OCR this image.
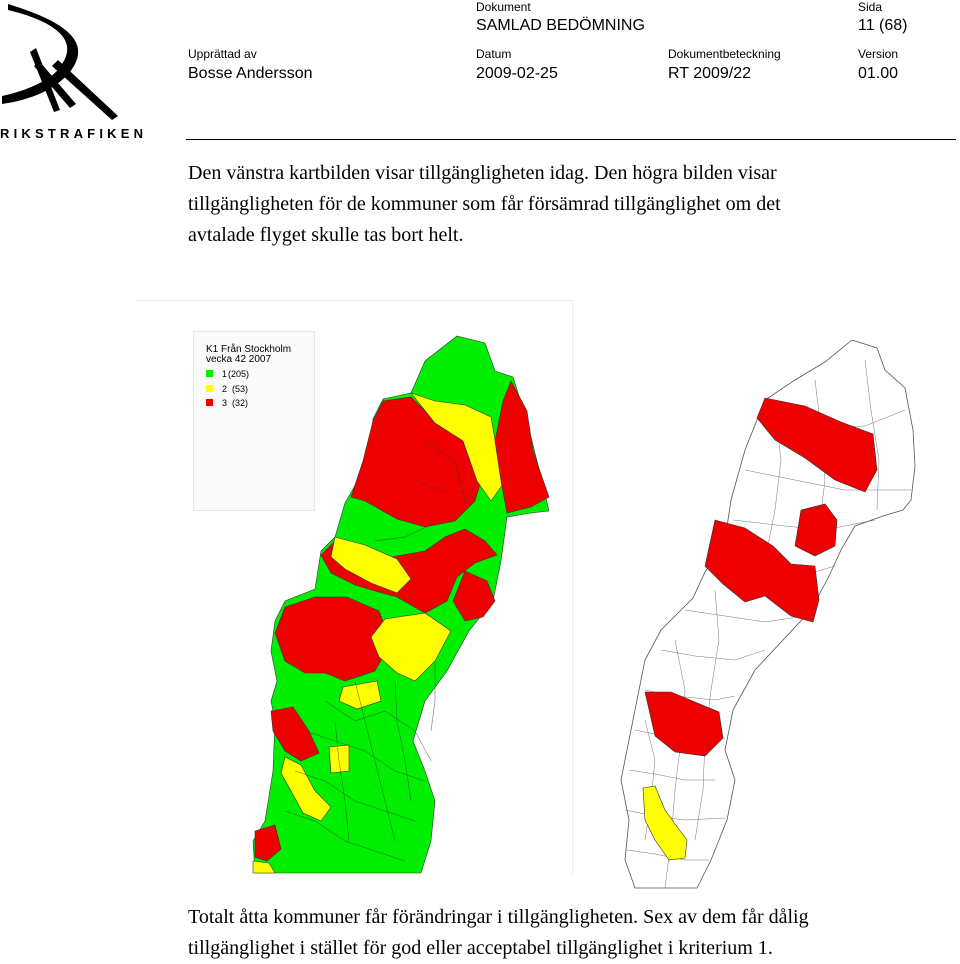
RIKSTRAFIKEN
Dokument
SAMLAD BEDÖMNING
Sida
11 (68)
Upprättad av
Bosse Andersson
Datum
2009-02-25
Dokumentbeteckning
RT 2009/22
Version
01.00
Den vänstra kartbilden visar tillgängligheten idag. Den högra bilden visar
tillgängligheten för de kommuner som får försämrad tillgänglighet om det
avtalade flyget skulle tas bort helt.
K1 Från Stockholm
vecka 42 2007
1 (205)
2 (53)
3 (32)
Totalt åtta kommuner får förändringar i tillgängligheten. Sex av dem får dålig
tillgänglighet i stället för god eller acceptabel tillgänglighet i kriterium 1.
